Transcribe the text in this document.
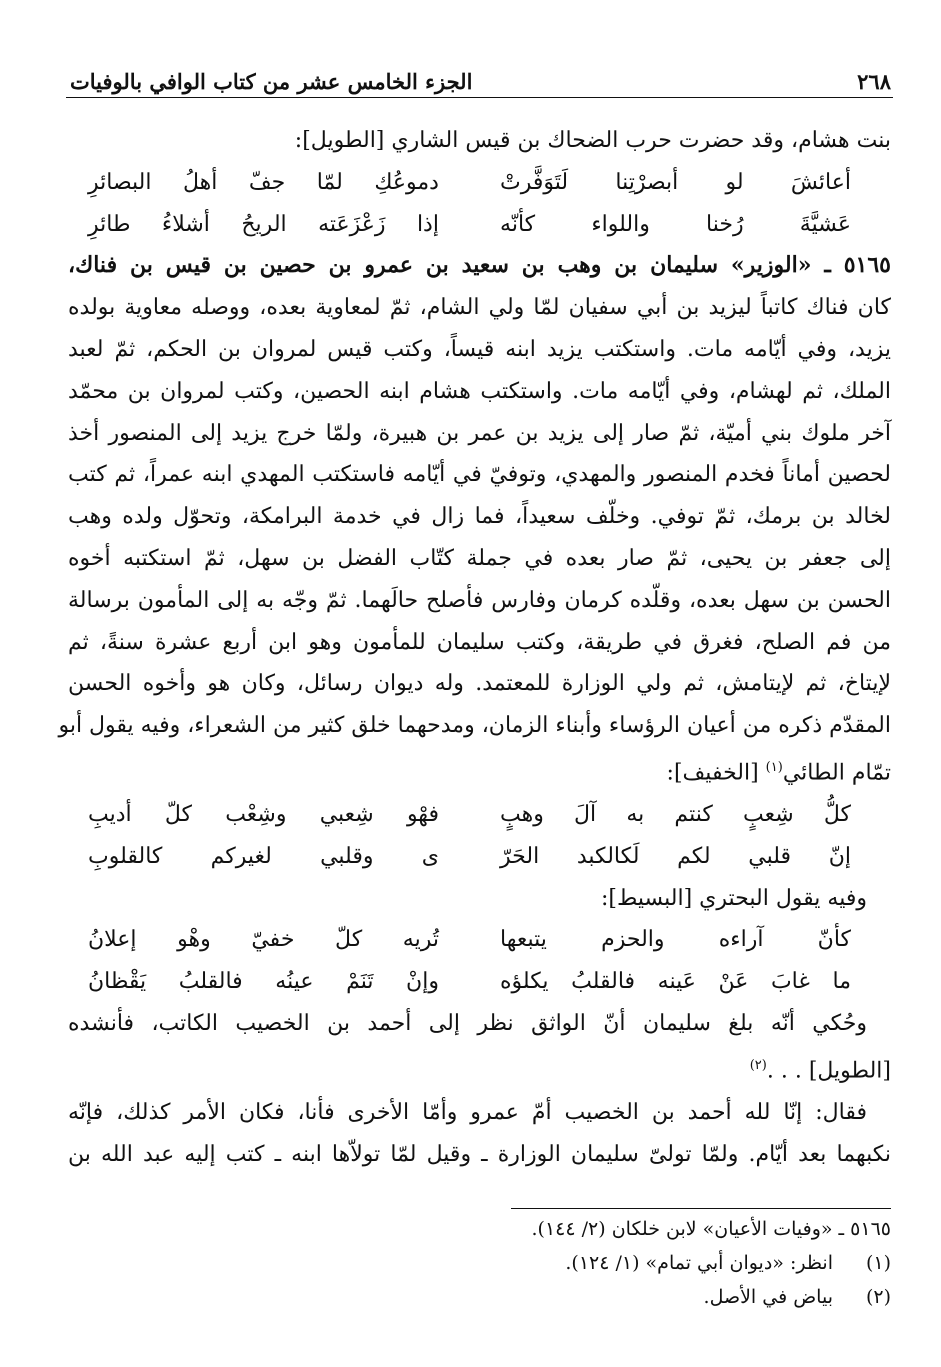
٢٦٨
الجزء الخامس عشر من كتاب الوافي بالوفيات
بنت هشام، وقد حضرت حرب الضحاك بن قيس الشاري [الطويل]:
أعائشَ لو أبصرْتِنا لَتَوَفَّرتْ
دموعُكِ لمّا جفّ أهلُ البصائرِ
عَشيَّةَ رُخنا واللواء كأنّه
إذا زَعْزَعَته الريحُ أشلاءُ طائرِ
٥١٦٥ ـ «الوزير» سليمان بن وهب بن سعيد بن عمرو بن حصين بن قيس بن فناك،
كان فناك كاتباً ليزيد بن أبي سفيان لمّا ولي الشام، ثمّ لمعاوية بعده، ووصله معاوية بولده
يزيد، وفي أيّامه مات. واستكتب يزيد ابنه قيساً، وكتب قيس لمروان بن الحكم، ثمّ لعبد
الملك، ثم لهشام، وفي أيّامه مات. واستكتب هشام ابنه الحصين، وكتب لمروان بن محمّد
آخر ملوك بني أميّة، ثمّ صار إلى يزيد بن عمر بن هبيرة، ولمّا خرج يزيد إلى المنصور أخذ
لحصين أماناً فخدم المنصور والمهدي، وتوفيّ في أيّامه فاستكتب المهدي ابنه عمراً، ثم كتب
لخالد بن برمك، ثمّ توفي. وخلّف سعيداً، فما زال في خدمة البرامكة، وتحوّل ولده وهب
إلى جعفر بن يحيى، ثمّ صار بعده في جملة كتّاب الفضل بن سهل، ثمّ استكتبه أخوه
الحسن بن سهل بعده، وقلّده كرمان وفارس فأصلح حالَهما. ثمّ وجّه به إلى المأمون برسالة
من فم الصلح، فغرق في طريقة، وكتب سليمان للمأمون وهو ابن أربع عشرة سنةً، ثم
لإيتاخ، ثم لإيتامش، ثم ولي الوزارة للمعتمد. وله ديوان رسائل، وكان هو وأخوه الحسن
المقدّم ذكره من أعيان الرؤساء وأبناء الزمان، ومدحهما خلق كثير من الشعراء، وفيه يقول أبو
تمّام الطائي$^{(١)}$ [الخفيف]:
كلُّ شِعبٍ كنتم به آلَ وهبٍ
فهْو شِعبي وشِعْب كلّ أديبِ
إنّ قلبي لكم لَكالكبد الحَرّ
ى وقلبي لغيركم كالقلوبِ
وفيه يقول البحتري [البسيط]:
كأنّ آراءه والحزم يتبعها
تُريه كلّ خفيّ وهْو إعلانُ
ما غابَ عَنْ عَينه فالقلبُ يكلؤه
وإنْ تَنَمْ عينُه فالقلبُ يَقْظانُ
وحُكي أنّه بلغ سليمان أنّ الواثق نظر إلى أحمد بن الخصيب الكاتب، فأنشده
[الطويل] . . .$^{(٢)}$
فقال: إنّا لله أحمد بن الخصيب أمّ عمرو وأمّا الأخرى فأنا، فكان الأمر كذلك، فإنّه
نكبهما بعد أيّام. ولمّا تولىّ سليمان الوزارة ـ وقيل لمّا تولاّها ابنه ـ كتب إليه عبد الله بن
٥١٦٥ ـ «وفيات الأعيان» لابن خلكان (٢/ ١٤٤).
(١)انظر: «ديوان أبي تمام» (١/ ١٢٤).
(٢)بياض في الأصل.
